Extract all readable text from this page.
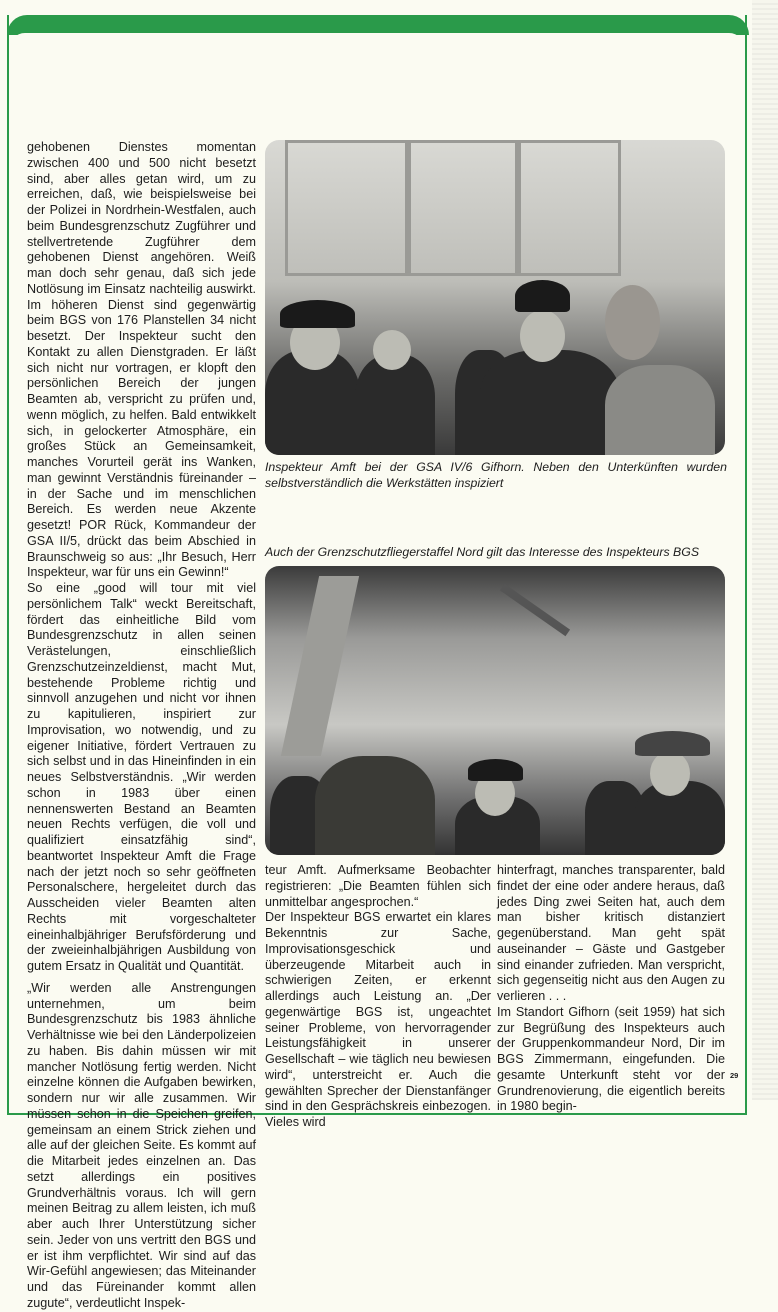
gehobenen Dienstes momentan zwischen 400 und 500 nicht besetzt sind, aber alles getan wird, um zu erreichen, daß, wie beispielsweise bei der Polizei in Nordrhein-Westfalen, auch beim Bundesgrenzschutz Zugführer und stellvertretende Zugführer dem gehobenen Dienst angehören. Weiß man doch sehr genau, daß sich jede Notlösung im Einsatz nachteilig auswirkt. Im höheren Dienst sind gegenwärtig beim BGS von 176 Planstellen 34 nicht besetzt. Der Inspekteur sucht den Kontakt zu allen Dienstgraden. Er läßt sich nicht nur vortragen, er klopft den persönlichen Bereich der jungen Beamten ab, verspricht zu prüfen und, wenn möglich, zu helfen. Bald entwikkelt sich, in gelockerter Atmosphäre, ein großes Stück an Gemeinsamkeit, manches Vorurteil gerät ins Wanken, man gewinnt Verständnis füreinander – in der Sache und im menschlichen Bereich. Es werden neue Akzente gesetzt! POR Rück, Kommandeur der GSA II/5, drückt das beim Abschied in Braunschweig so aus: „Ihr Besuch, Herr Inspekteur, war für uns ein Gewinn!“

So eine „good will tour mit viel persönlichem Talk“ weckt Bereitschaft, fördert das einheitliche Bild vom Bundesgrenzschutz in allen seinen Verästelungen, einschließlich Grenzschutzeinzeldienst, macht Mut, bestehende Probleme richtig und sinnvoll anzugehen und nicht vor ihnen zu kapitulieren, inspiriert zur Improvisation, wo notwendig, und zu eigener Initiative, fördert Vertrauen zu sich selbst und in das Hineinfinden in ein neues Selbstverständnis. „Wir werden schon in 1983 über einen nennenswerten Bestand an Beamten neuen Rechts verfügen, die voll und qualifiziert einsatzfähig sind“, beantwortet Inspekteur Amft die Frage nach der jetzt noch so sehr geöffneten Personalschere, hergeleitet durch das Ausscheiden vieler Beamten alten Rechts mit vorgeschalteter eineinhalbjähriger Berufsförderung und der zweieinhalbjährigen Ausbildung von gutem Ersatz in Qualität und Quantität.

„Wir werden alle Anstrengungen unternehmen, um beim Bundesgrenzschutz bis 1983 ähnliche Verhältnisse wie bei den Länderpolizeien zu haben. Bis dahin müssen wir mit mancher Notlösung fertig werden. Nicht einzelne können die Aufgaben bewirken, sondern nur wir alle zusammen. Wir müssen schon in die Speichen greifen, gemeinsam an einem Strick ziehen und alle auf der gleichen Seite. Es kommt auf die Mitarbeit jedes einzelnen an. Das setzt allerdings ein positives Grundverhältnis voraus. Ich will gern meinen Beitrag zu allem leisten, ich muß aber auch Ihrer Unterstützung sicher sein. Jeder von uns vertritt den BGS und er ist ihm verpflichtet. Wir sind auf das Wir-Gefühl angewiesen; das Miteinander und das Füreinander kommt allen zugute“, verdeutlicht Inspek-

Inspekteur Amft bei der GSA IV/6 Gifhorn. Neben den Unterkünften wurden selbstverständlich die Werkstätten inspiziert
Auch der Grenzschutzfliegerstaffel Nord gilt das Interesse des Inspekteurs BGS

teur Amft. Aufmerksame Beobachter registrieren: „Die Beamten fühlen sich unmittelbar angesprochen.“

Der Inspekteur BGS erwartet ein klares Bekenntnis zur Sache, Improvisationsgeschick und überzeugende Mitarbeit auch in schwierigen Zeiten, er erkennt allerdings auch Leistung an. „Der gegenwärtige BGS ist, ungeachtet seiner Probleme, von hervorragender Leistungsfähigkeit in unserer Gesellschaft – wie täglich neu bewiesen wird“, unterstreicht er. Auch die gewählten Sprecher der Dienstanfänger sind in den Gesprächskreis einbezogen. Vieles wird

hinterfragt, manches transparenter, bald findet der eine oder andere heraus, daß jedes Ding zwei Seiten hat, auch dem man bisher kritisch distanziert gegenüberstand. Man geht spät auseinander – Gäste und Gastgeber sind einander zufrieden. Man verspricht, sich gegenseitig nicht aus den Augen zu verlieren . . .

Im Standort Gifhorn (seit 1959) hat sich zur Begrüßung des Inspekteurs auch der Gruppenkommandeur Nord, Dir im BGS Zimmermann, eingefunden. Die gesamte Unterkunft steht vor der Grundrenovierung, die eigentlich bereits in 1980 begin-

29
